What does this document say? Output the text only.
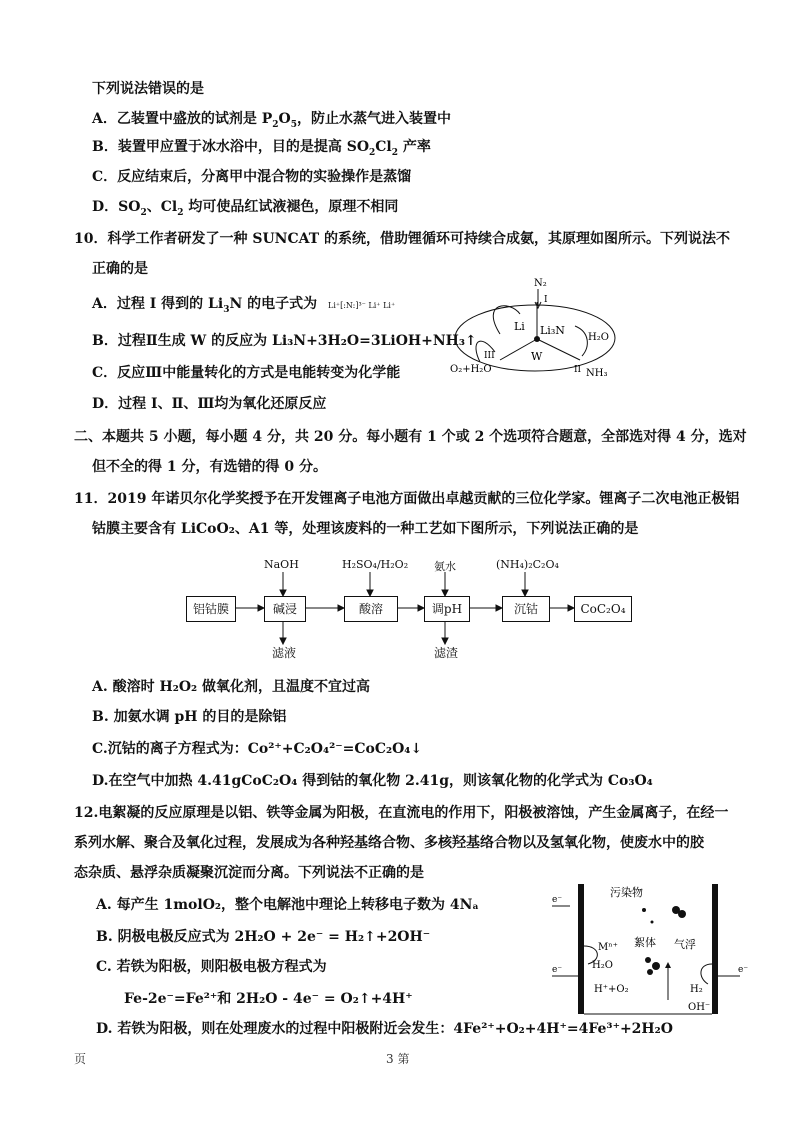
下列说法错误的是
A．乙装置中盛放的试剂是 $P_2O_5$，防止水蒸气进入装置中
B．装置甲应置于冰水浴中，目的是提高 $SO_2Cl_2$ 产率
C．反应结束后，分离甲中混合物的实验操作是蒸馏
D．$SO_2$、$Cl_2$ 均可使品红试液褪色，原理不相同
10．科学工作者研发了一种 SUNCAT 的系统，借助锂循环可持续合成氨，其原理如图所示。下列说法不
正确的是
A．过程 I 得到的 $Li_3N$ 的电子式为 Li⁺[:N:]³⁻ Li⁺ Li⁺
B．过程Ⅱ生成 W 的反应为 Li₃N+3H₂O=3LiOH+NH₃↑
C．反应Ⅲ中能量转化的方式是电能转变为化学能
D．过程 I、Ⅱ、Ⅲ均为氧化还原反应
N₂
I
Li Li₃N
H₂O
W
II
III
NH₃
O₂+H₂O
二、本题共 5 小题，每小题 4 分，共 20 分。每小题有 1 个或 2 个选项符合题意，全部选对得 4 分，选对
但不全的得 1 分，有选错的得 0 分。
11．2019 年诺贝尔化学奖授予在开发锂离子电池方面做出卓越贡献的三位化学家。锂离子二次电池正极铝
钴膜主要含有 LiCoO₂、A1 等，处理该废料的一种工艺如下图所示，下列说法正确的是
NaOH	H₂SO₄/H₂O₂ 氨水	(NH₄)₂C₂O₄
铝钴膜	碱浸	酸溶	调pH	沉钴	CoC₂O₄
滤液	滤渣
A. 酸溶时 H₂O₂ 做氧化剂，且温度不宜过高
B. 加氨水调 pH 的目的是除铝
C.沉钴的离子方程式为：Co²⁺+C₂O₄²⁻=CoC₂O₄↓
D.在空气中加热 4.41gCoC₂O₄ 得到钴的氧化物 2.41g，则该氧化物的化学式为 Co₃O₄
12.电絮凝的反应原理是以铝、铁等金属为阳极，在直流电的作用下，阳极被溶蚀，产生金属离子，在经一
系列水解、聚合及氧化过程，发展成为各种羟基络合物、多核羟基络合物以及氢氧化物，使废水中的胶
态杂质、悬浮杂质凝聚沉淀而分离。下列说法不正确的是
A. 每产生 1molO₂，整个电解池中理论上转移电子数为 4Nₐ
B. 阴极电极反应式为 2H₂O + 2e⁻ = H₂↑+2OH⁻
C. 若铁为阳极，则阳极电极方程式为
Fe-2e⁻=Fe²⁺和 2H₂O - 4e⁻ = O₂↑+4H⁺
D. 若铁为阳极，则在处理废水的过程中阳极附近会发生：4Fe²⁺+O₂+4H⁺=4Fe³⁺+2H₂O
污染物
絮体 气浮
Mⁿ⁺
H₂O
H⁺+O₂	H₂
OH⁻
e⁻
e⁻	e⁻
页	3 第
